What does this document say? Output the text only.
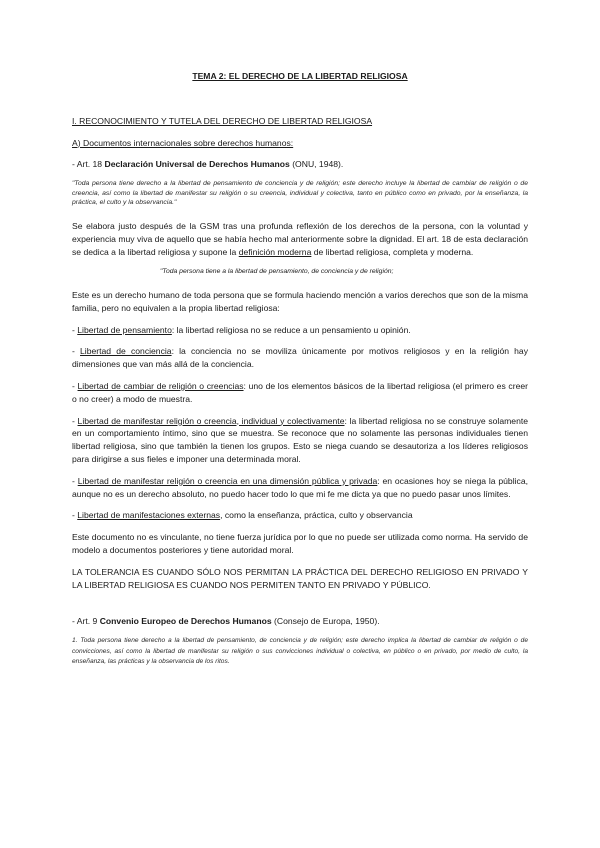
TEMA 2: EL DERECHO DE LA LIBERTAD RELIGIOSA

I. RECONOCIMIENTO Y TUTELA DEL DERECHO DE LIBERTAD RELIGIOSA

A) Documentos internacionales sobre derechos humanos:

- Art. 18 Declaración Universal de Derechos Humanos (ONU, 1948).

"Toda persona tiene derecho a la libertad de pensamiento de conciencia y de religión; este derecho incluye la libertad de cambiar de religión o de creencia, así como la libertad de manifestar su religión o su creencia, individual y colectiva, tanto en público como en privado, por la enseñanza, la práctica, el culto y la observancia."

Se elabora justo después de la GSM tras una profunda reflexión de los derechos de la persona, con la voluntad y experiencia muy viva de aquello que se había hecho mal anteriormente sobre la dignidad. El art. 18 de esta declaración se dedica a la libertad religiosa y supone la definición moderna de libertad religiosa, completa y moderna.

"Toda persona tiene a la libertad de pensamiento, de conciencia y de religión;

Este es un derecho humano de toda persona que se formula haciendo mención a varios derechos que son de la misma familia, pero no equivalen a la propia libertad religiosa:

- Libertad de pensamiento: la libertad religiosa no se reduce a un pensamiento u opinión.

- Libertad de conciencia: la conciencia no se moviliza únicamente por motivos religiosos y en la religión hay dimensiones que van más allá de la conciencia.

- Libertad de cambiar de religión o creencias: uno de los elementos básicos de la libertad religiosa (el primero es creer o no creer) a modo de muestra.

- Libertad de manifestar religión o creencia, individual y colectivamente: la libertad religiosa no se construye solamente en un comportamiento íntimo, sino que se muestra. Se reconoce que no solamente las personas individuales tienen libertad religiosa, sino que también la tienen los grupos. Esto se niega cuando se desautoriza a los líderes religiosos para dirigirse a sus fieles e imponer una determinada moral.

- Libertad de manifestar religión o creencia en una dimensión pública y privada: en ocasiones hoy se niega la pública, aunque no es un derecho absoluto, no puedo hacer todo lo que mi fe me dicta ya que no puedo pasar unos límites.

- Libertad de manifestaciones externas, como la enseñanza, práctica, culto y observancia

Este documento no es vinculante, no tiene fuerza jurídica por lo que no puede ser utilizada como norma. Ha servido de modelo a documentos posteriores y tiene autoridad moral.

LA TOLERANCIA ES CUANDO SÓLO NOS PERMITAN LA PRÁCTICA DEL DERECHO RELIGIOSO EN PRIVADO Y LA LIBERTAD RELIGIOSA ES CUANDO NOS PERMITEN TANTO EN PRIVADO Y PÚBLICO.

- Art. 9 Convenio Europeo de Derechos Humanos (Consejo de Europa, 1950).

1. Toda persona tiene derecho a la libertad de pensamiento, de conciencia y de religión; este derecho implica la libertad de cambiar de religión o de convicciones, así como la libertad de manifestar su religión o sus convicciones individual o colectiva, en público o en privado, por medio de culto, la enseñanza, las prácticas y la observancia de los ritos.
